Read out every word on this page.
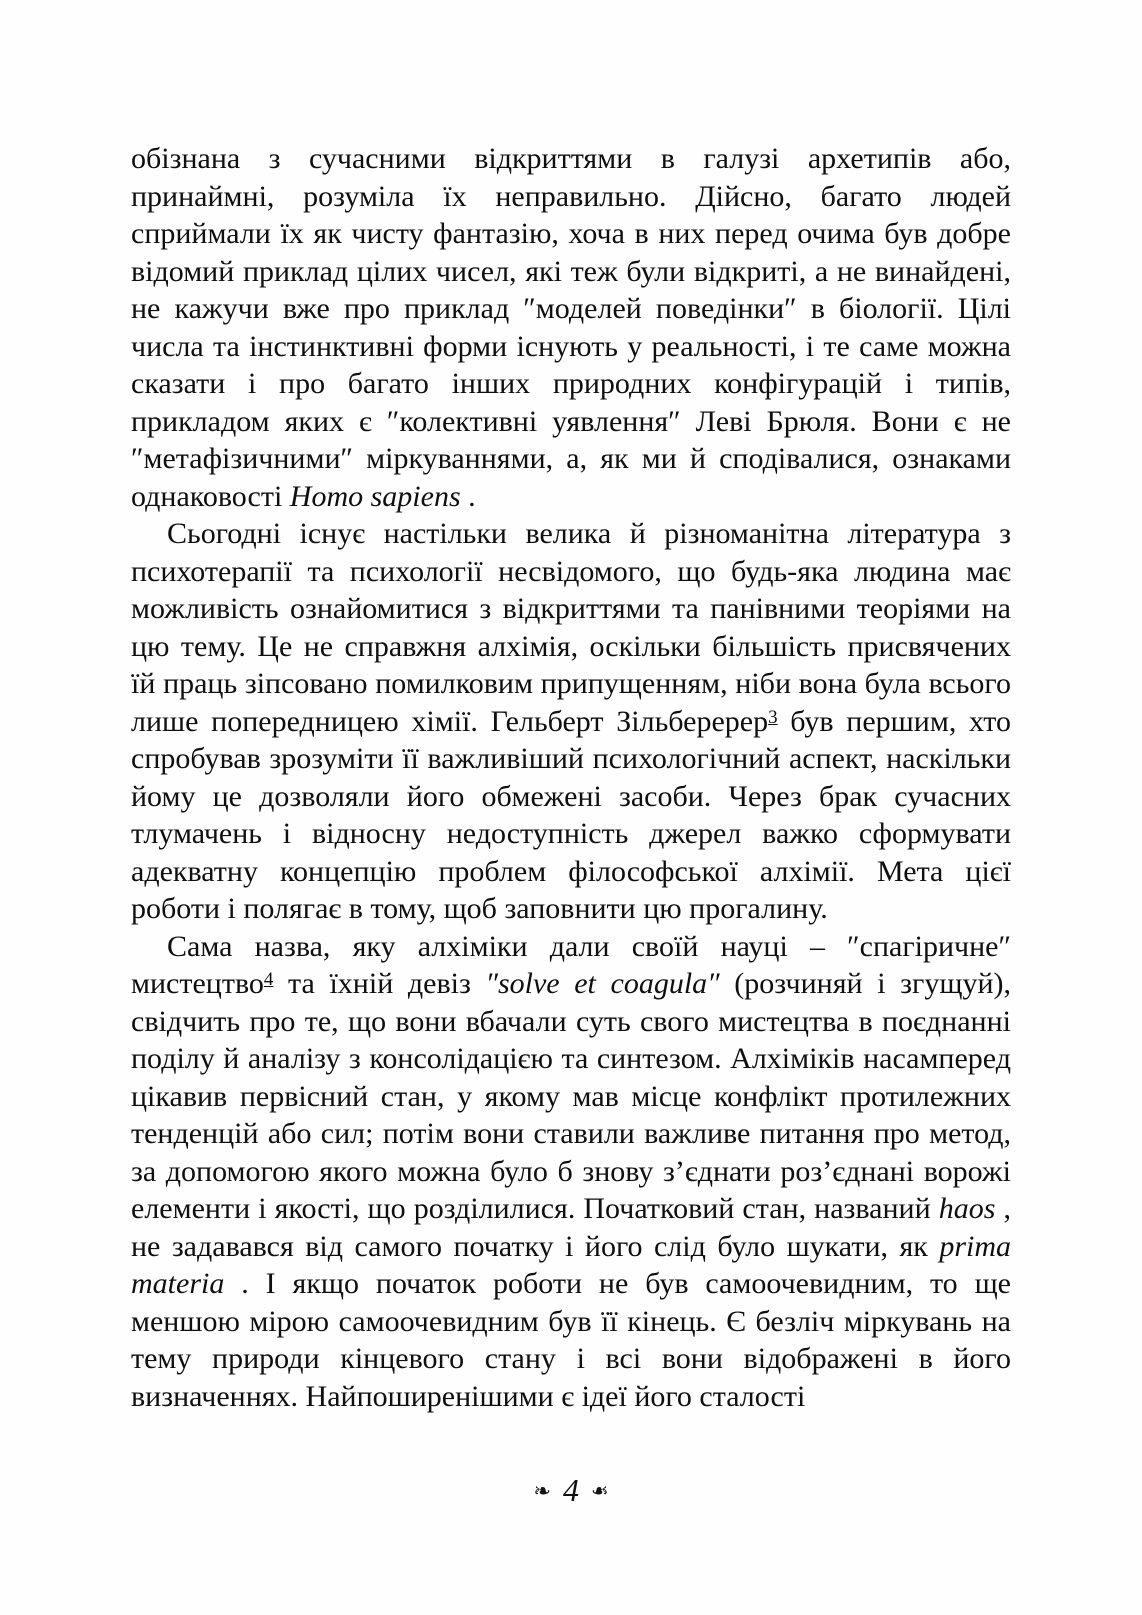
обізнана з сучасними відкриттями в галузі архетипів або, принаймні, розуміла їх неправильно. Дійсно, багато людей сприймали їх як чисту фантазію, хоча в них перед очима був добре відомий приклад цілих чисел, які теж були відкриті, а не винайдені, не кажучи вже про приклад ″моделей поведінки″ в біології. Цілі числа та інстинктивні форми існують у реальності, і те саме можна сказати і про багато інших природних конфігурацій і типів, прикладом яких є ″колективні уявлення″ Леві Брюля. Вони є не ″метафізичними″ міркуваннями, а, як ми й сподівалися, ознаками однаковості Homo sapiens .

Сьогодні існує настільки велика й різноманітна література з психотерапії та психології несвідомого, що будь-яка людина має можливість ознайомитися з відкриттями та панівними теоріями на цю тему. Це не справжня алхімія, оскільки більшість присвячених їй праць зіпсовано помилковим припущенням, ніби вона була всього лише попередницею хімії. Гельберт Зільберерер$^3$ був першим, хто спробував зрозуміти її важливіший психологічний аспект, наскільки йому це дозволяли його обмежені засоби. Через брак сучасних тлумачень і відносну недоступність джерел важко сформувати адекватну концепцію проблем філософської алхімії. Мета цієї роботи і полягає в тому, щоб заповнити цю прогалину.

Сама назва, яку алхіміки дали своїй науці – ″спагіричне″ мистецтво$^4$ та їхній девіз ″solve et coagula″ (розчиняй і згущуй), свідчить про те, що вони вбачали суть свого мистецтва в поєднанні поділу й аналізу з консолідацією та синтезом. Алхіміків насамперед цікавив первісний стан, у якому мав місце конфлікт протилежних тенденцій або сил; потім вони ставили важливе питання про метод, за допомогою якого можна було б знову з’єднати роз’єднані ворожі елементи і якості, що розділилися. Початковий стан, названий haos , не задавався від самого початку і його слід було шукати, як prima materia . І якщо початок роботи не був самоочевидним, то ще меншою мірою самоочевидним був її кінець. Є безліч міркувань на тему природи кінцевого стану і всі вони відображені в його визначеннях. Найпоширенішими є ідеї його сталості

❧ 4 ❧
